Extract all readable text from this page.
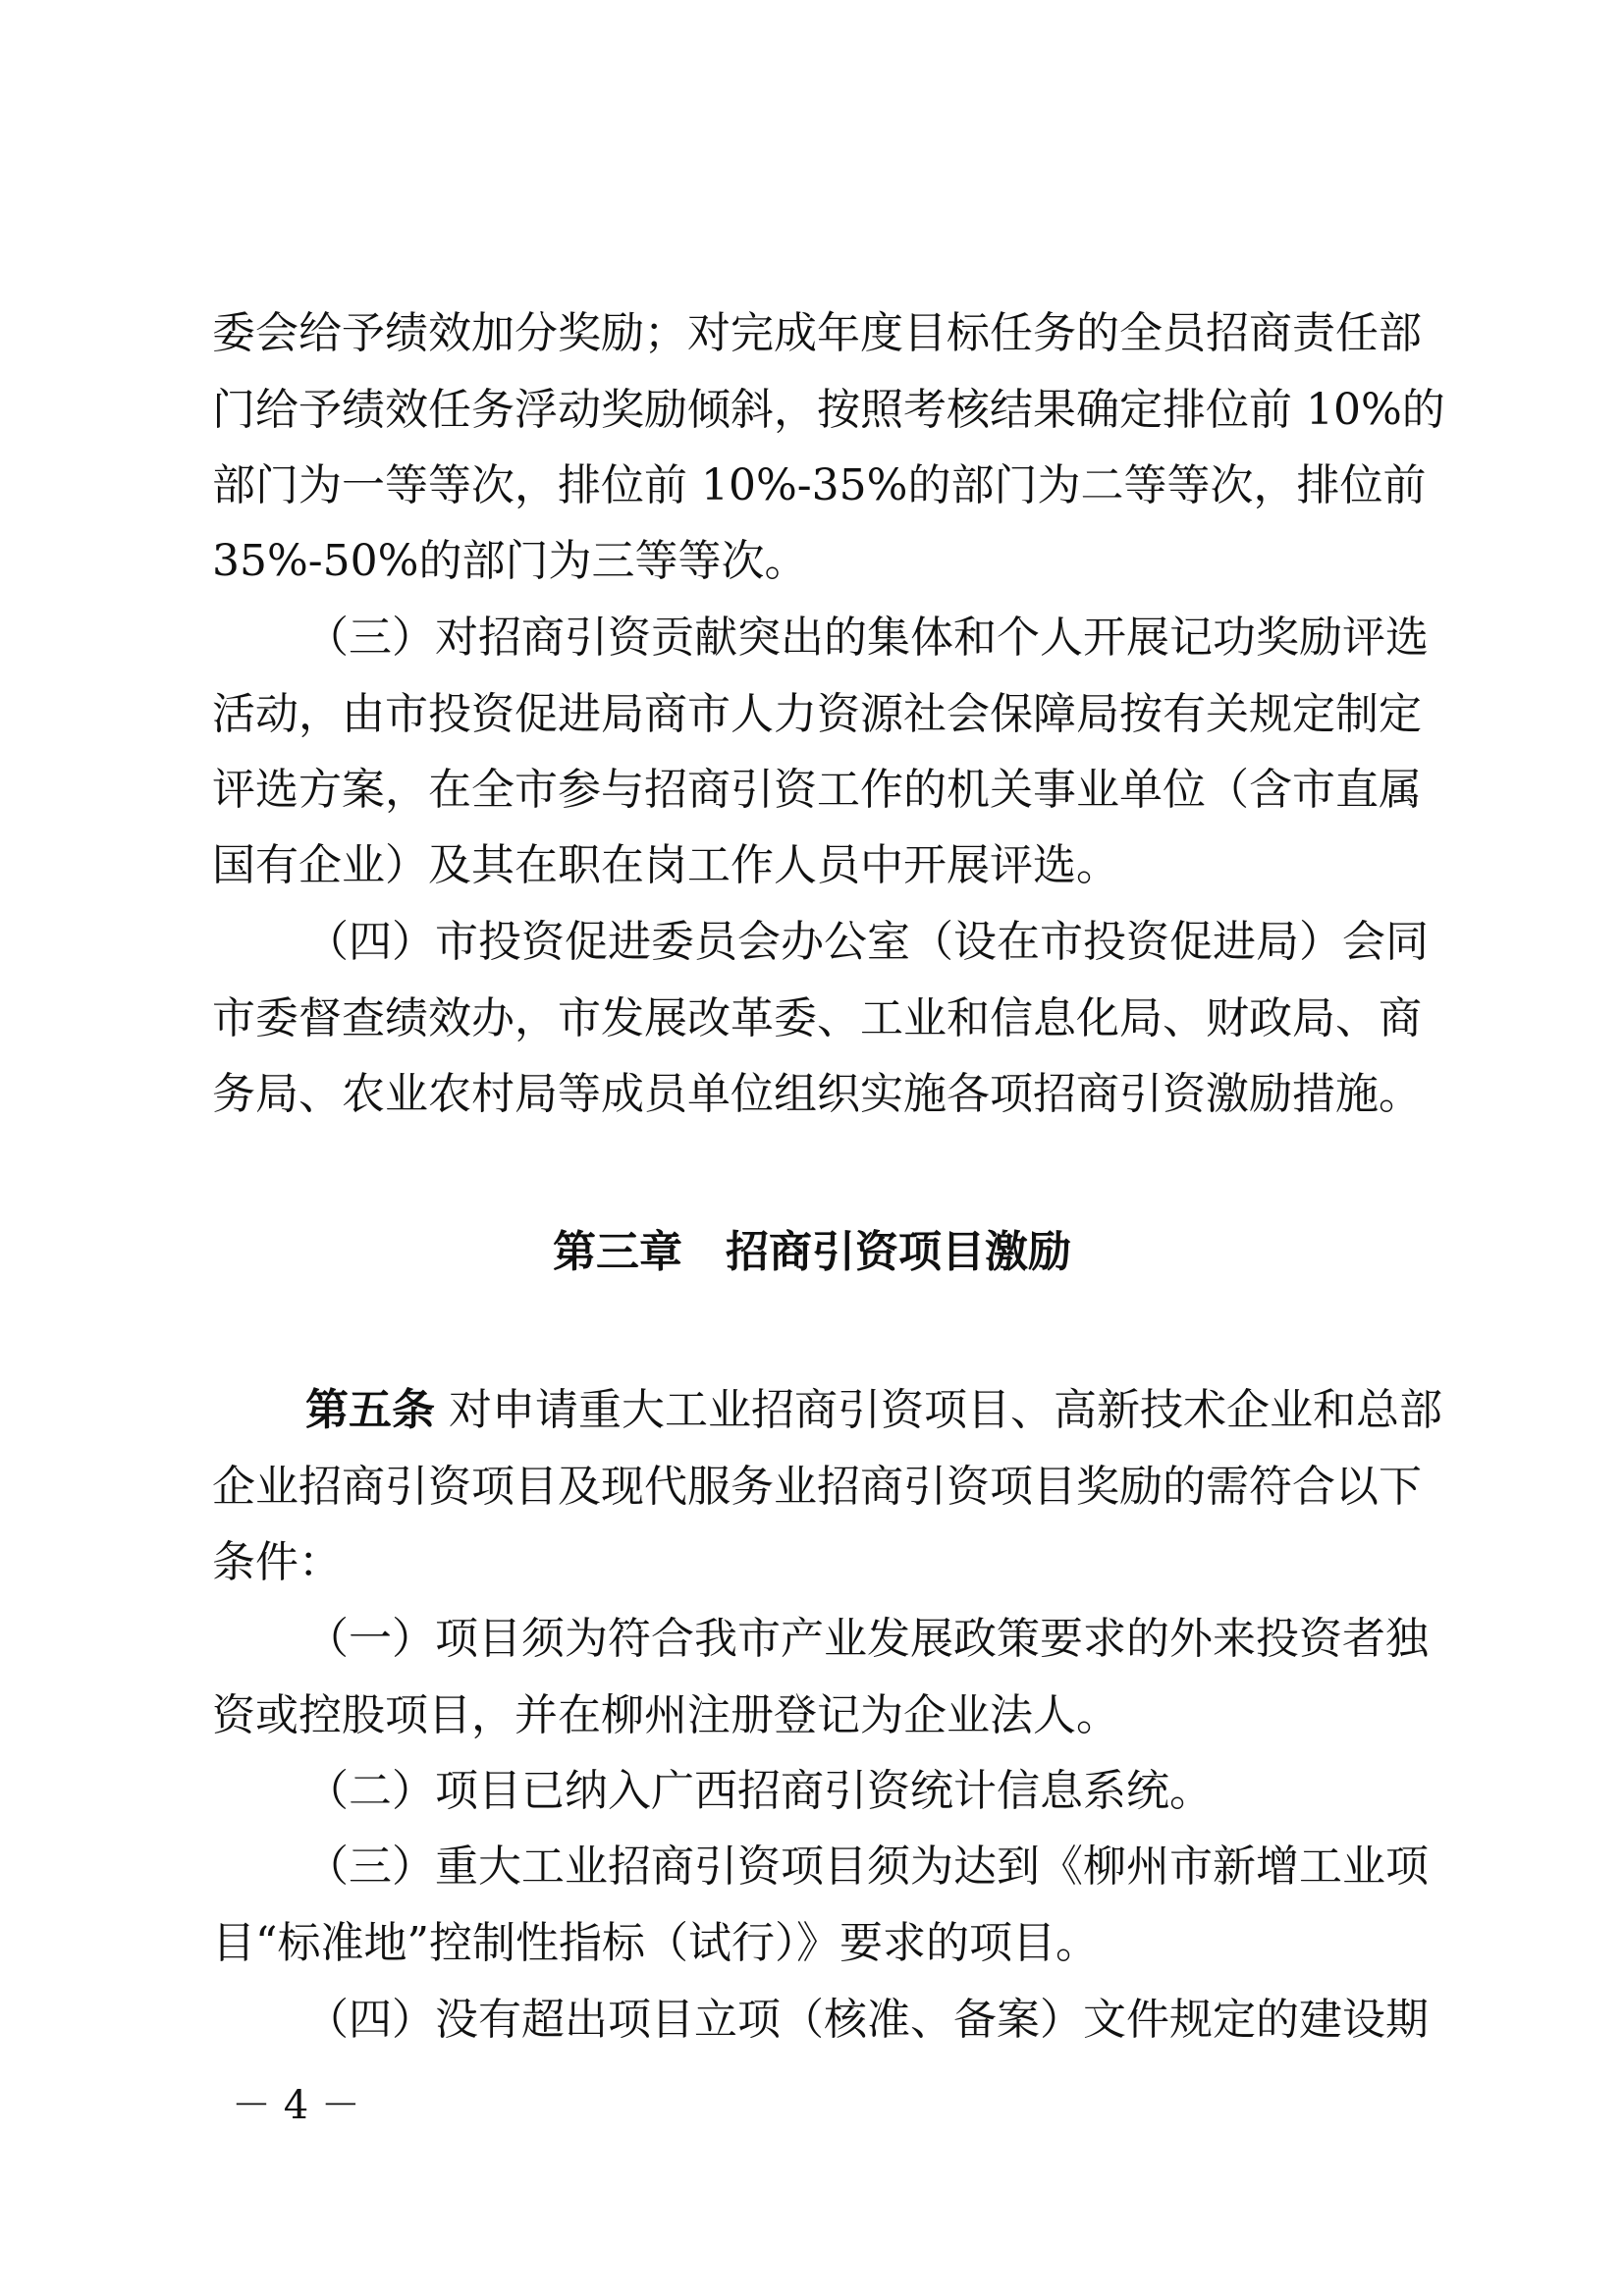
委会给予绩效加分奖励；对完成年度目标任务的全员招商责任部
门给予绩效任务浮动奖励倾斜，按照考核结果确定排位前 10%的
部门为一等等次，排位前 10%-35%的部门为二等等次，排位前
35%-50%的部门为三等等次。
（三）对招商引资贡献突出的集体和个人开展记功奖励评选
活动，由市投资促进局商市人力资源社会保障局按有关规定制定
评选方案，在全市参与招商引资工作的机关事业单位（含市直属
国有企业）及其在职在岗工作人员中开展评选。
（四）市投资促进委员会办公室（设在市投资促进局）会同
市委督查绩效办，市发展改革委、工业和信息化局、财政局、商
务局、农业农村局等成员单位组织实施各项招商引资激励措施。
第三章　招商引资项目激励
第五条 对申请重大工业招商引资项目、高新技术企业和总部
企业招商引资项目及现代服务业招商引资项目奖励的需符合以下
条件：
（一）项目须为符合我市产业发展政策要求的外来投资者独
资或控股项目，并在柳州注册登记为企业法人。
（二）项目已纳入广西招商引资统计信息系统。
（三）重大工业招商引资项目须为达到《柳州市新增工业项
目“标准地”控制性指标（试行）》要求的项目。
（四）没有超出项目立项（核准、备案）文件规定的建设期
－ 4 －
